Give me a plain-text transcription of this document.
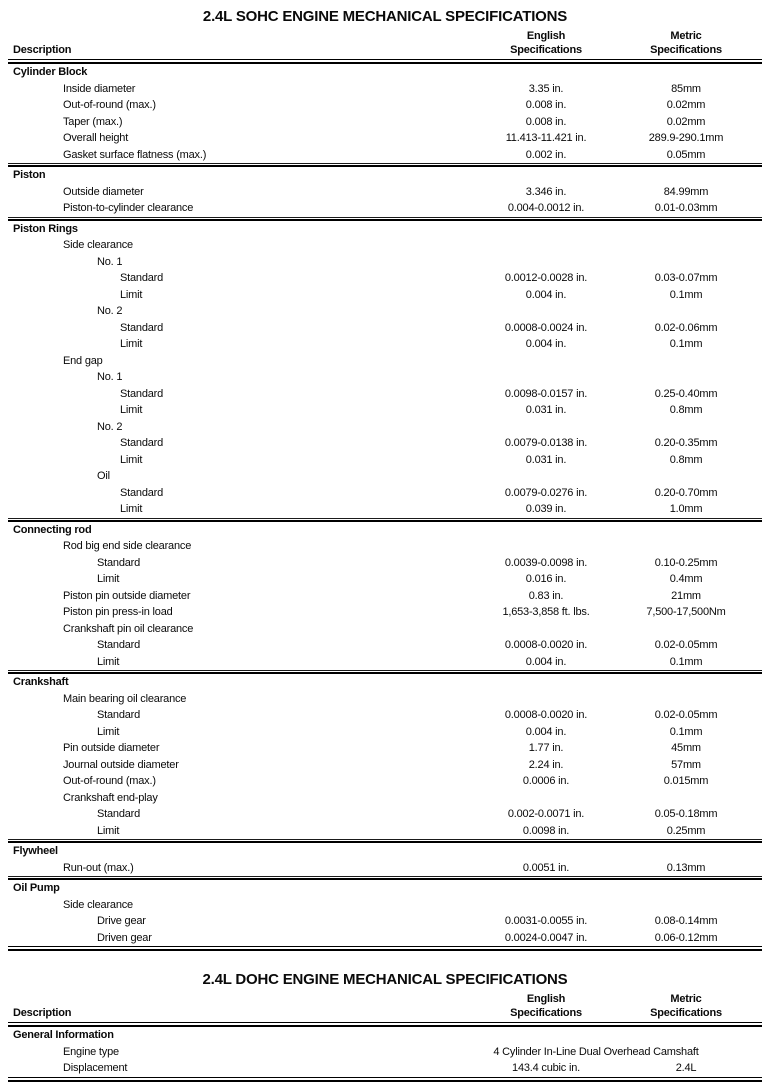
2.4L SOHC ENGINE MECHANICAL SPECIFICATIONS
Description
English
Specifications
Metric
Specifications
Cylinder Block
Inside diameter	3.35 in.	85mm
Out-of-round (max.)	0.008 in.	0.02mm
Taper (max.)	0.008 in.	0.02mm
Overall height	11.413-11.421 in.	289.9-290.1mm
Gasket surface flatness (max.)	0.002 in.	0.05mm
Piston
Outside diameter	3.346 in.	84.99mm
Piston-to-cylinder clearance	0.004-0.0012 in.	0.01-0.03mm
Piston Rings
Side clearance
No. 1
Standard	0.0012-0.0028 in.	0.03-0.07mm
Limit	0.004 in.	0.1mm
No. 2
Standard	0.0008-0.0024 in.	0.02-0.06mm
Limit	0.004 in.	0.1mm
End gap
No. 1
Standard	0.0098-0.0157 in.	0.25-0.40mm
Limit	0.031 in.	0.8mm
No. 2
Standard	0.0079-0.0138 in.	0.20-0.35mm
Limit	0.031 in.	0.8mm
Oil
Standard	0.0079-0.0276 in.	0.20-0.70mm
Limit	0.039 in.	1.0mm
Connecting rod
Rod big end side clearance
Standard	0.0039-0.0098 in.	0.10-0.25mm
Limit	0.016 in.	0.4mm
Piston pin outside diameter	0.83 in.	21mm
Piston pin press-in load	1,653-3,858 ft. lbs.	7,500-17,500Nm
Crankshaft pin oil clearance
Standard	0.0008-0.0020 in.	0.02-0.05mm
Limit	0.004 in.	0.1mm
Crankshaft
Main bearing oil clearance
Standard	0.0008-0.0020 in.	0.02-0.05mm
Limit	0.004 in.	0.1mm
Pin outside diameter	1.77 in.	45mm
Journal outside diameter	2.24 in.	57mm
Out-of-round (max.)	0.0006 in.	0.015mm
Crankshaft end-play
Standard	0.002-0.0071 in.	0.05-0.18mm
Limit	0.0098 in.	0.25mm
Flywheel
Run-out (max.)	0.0051 in.	0.13mm
Oil Pump
Side clearance
Drive gear	0.0031-0.0055 in.	0.08-0.14mm
Driven gear	0.0024-0.0047 in.	0.06-0.12mm
2.4L DOHC ENGINE MECHANICAL SPECIFICATIONS
Description
English
Specifications
Metric
Specifications
General Information
Engine type	4 Cylinder In-Line Dual Overhead Camshaft
Displacement	143.4 cubic in.	2.4L
